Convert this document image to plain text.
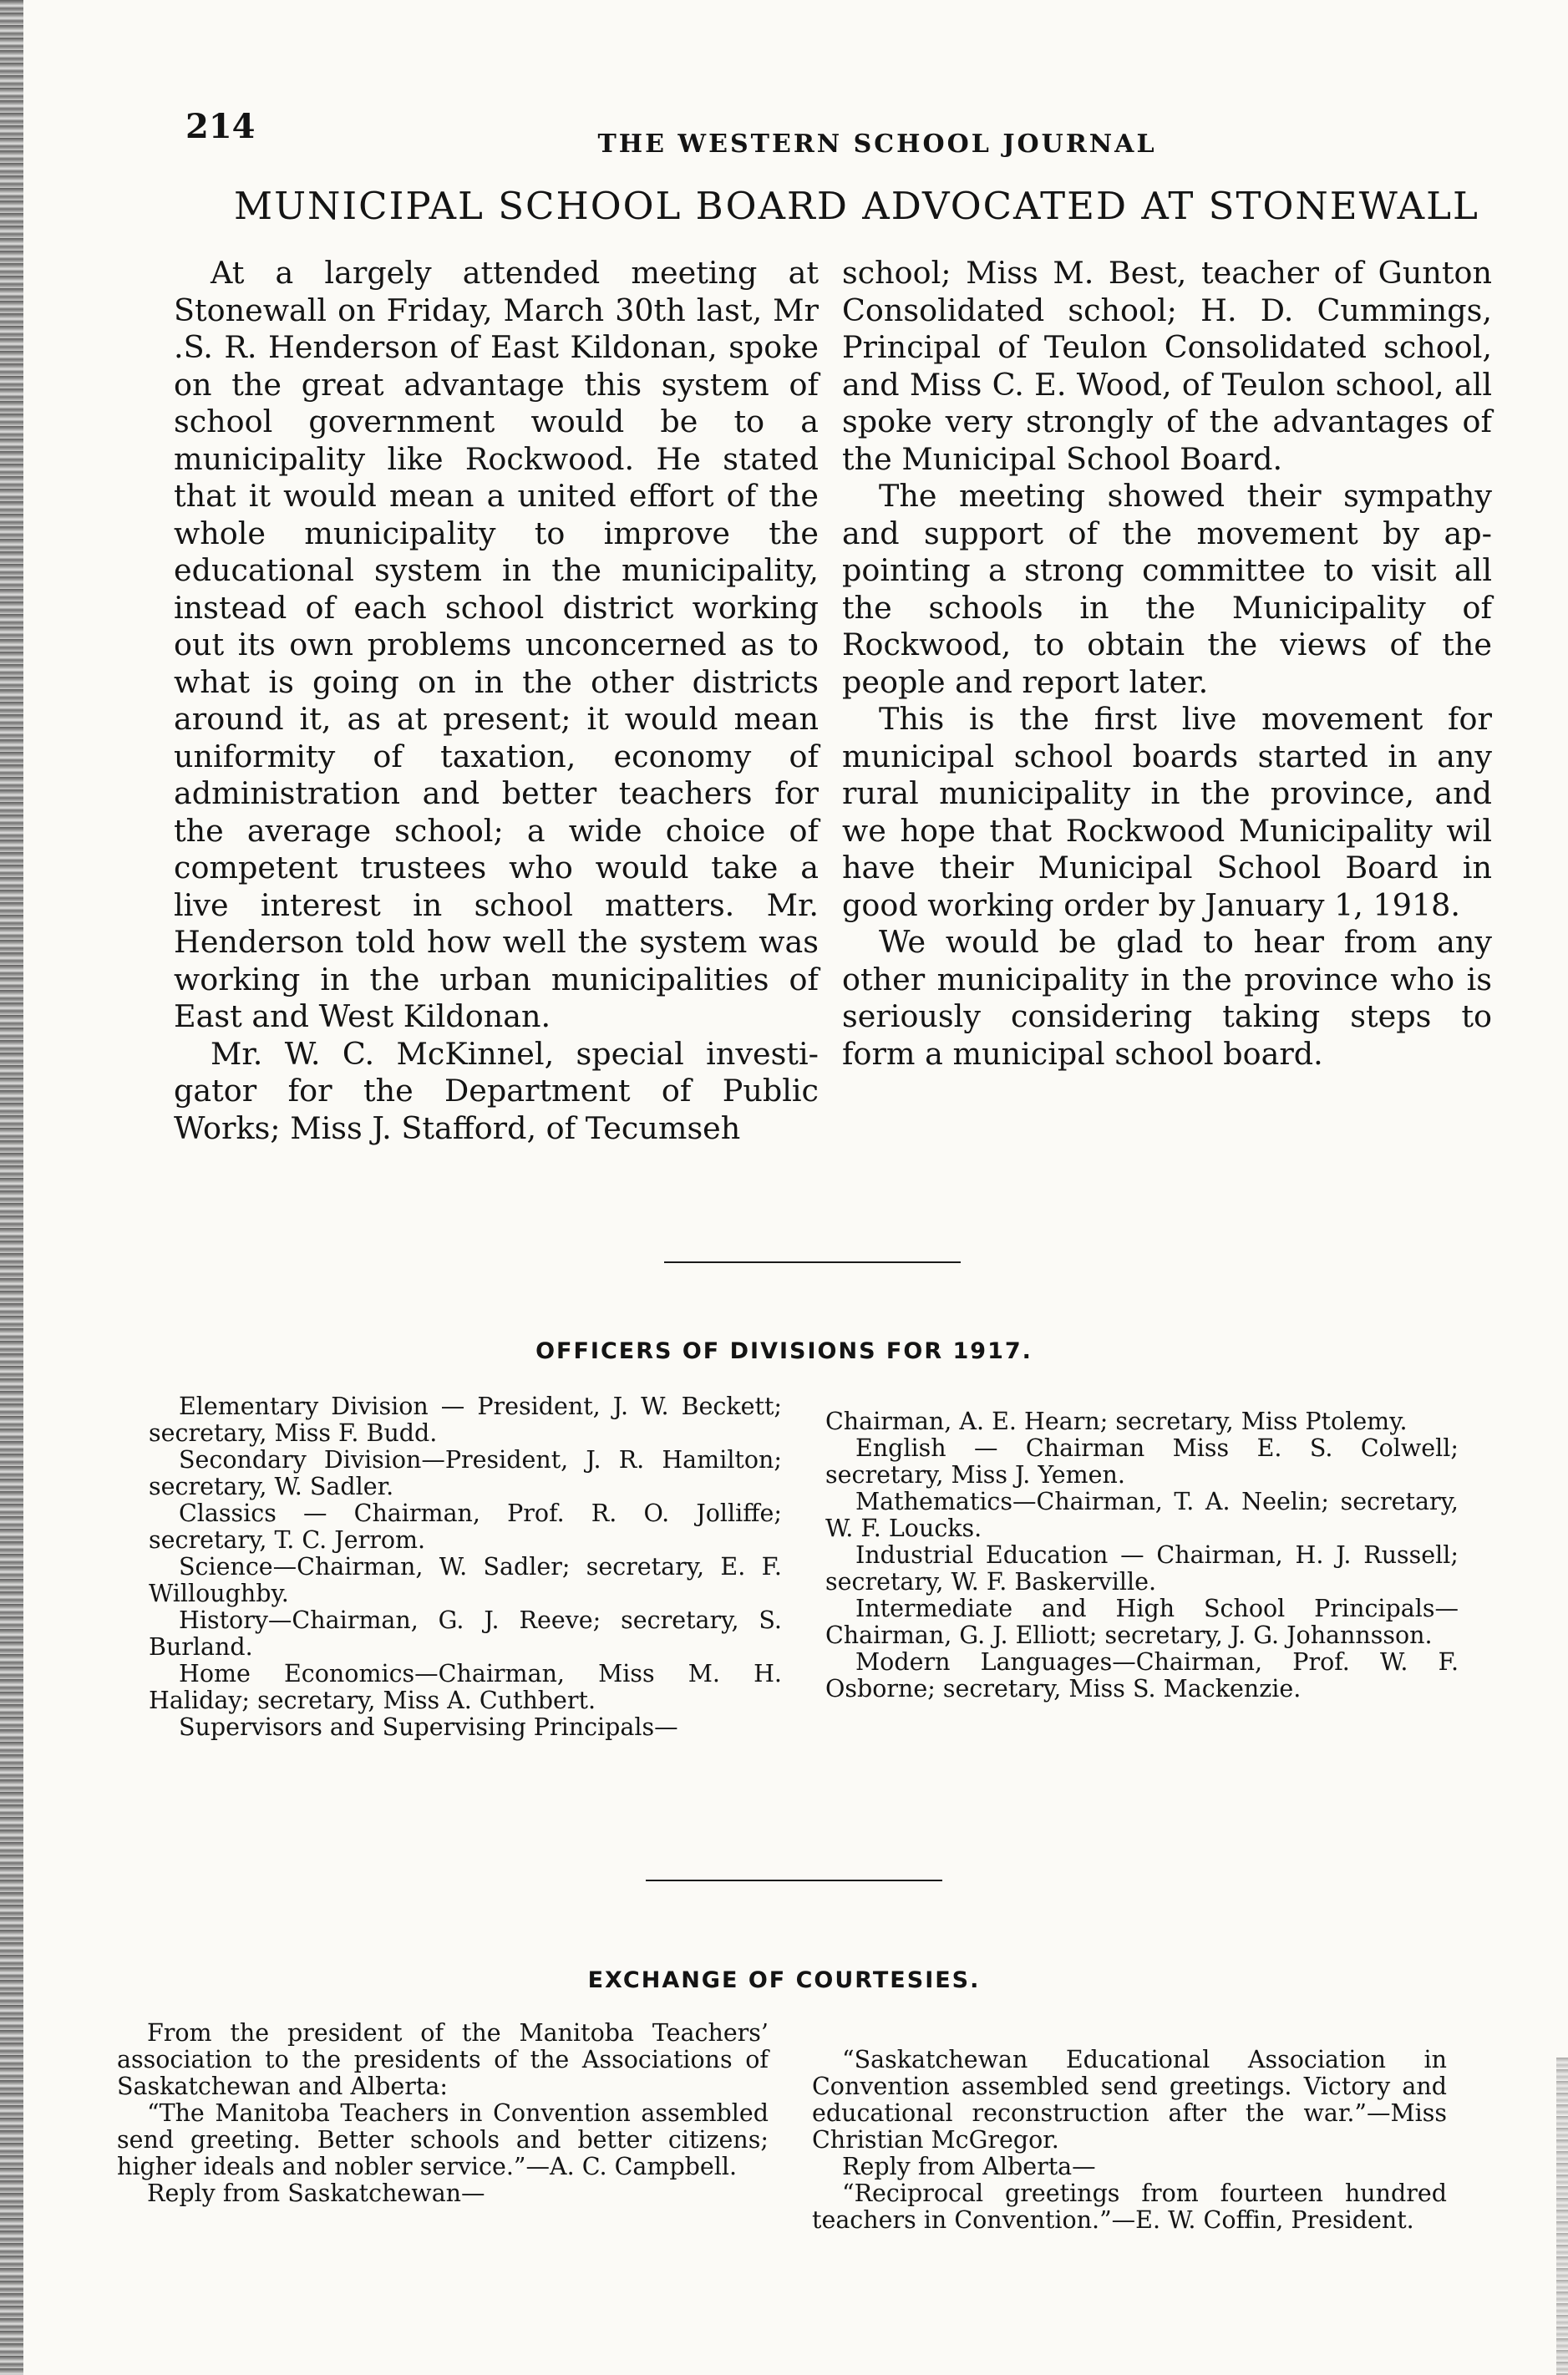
214	THE WESTERN SCHOOL JOURNAL
MUNICIPAL SCHOOL BOARD ADVOCATED AT STONEWALL

At a largely attended meeting at Stonewall on Friday, March 30th last, Mr .S. R. Henderson of East Kildonan, spoke on the great advantage this system of school government would be to a municipality like Rockwood. He stated that it would mean a united effort of the whole municipality to improve the educational system in the municipality, instead of each school district working out its own problems unconcerned as to what is going on in the other districts around it, as at present; it would mean uniformity of taxation, economy of administration and better teachers for the average school; a wide choice of competent trustees who would take a live interest in school matters. Mr. Henderson told how well the system was working in the urban municipalities of East and West Kildonan.

Mr. W. C. McKinnel, special investigator for the Department of Public Works; Miss J. Stafford, of Tecumseh

school; Miss M. Best, teacher of Gunton Consolidated school; H. D. Cummings, Principal of Teulon Consolidated school, and Miss C. E. Wood, of Teulon school, all spoke very strongly of the advantages of the Municipal School Board.

The meeting showed their sympathy and support of the movement by appointing a strong committee to visit all the schools in the Municipality of Rockwood, to obtain the views of the people and report later.

This is the first live movement for municipal school boards started in any rural municipality in the province, and we hope that Rockwood Municipality wil have their Municipal School Board in good working order by January 1, 1918.

We would be glad to hear from any other municipality in the province who is seriously considering taking steps to form a municipal school board.

OFFICERS OF DIVISIONS FOR 1917.

Elementary Division — President, J. W. Beckett; secretary, Miss F. Budd.

Secondary Division—President, J. R. Hamilton; secretary, W. Sadler.

Classics — Chairman, Prof. R. O. Jolliffe; secretary, T. C. Jerrom.

Science—Chairman, W. Sadler; secretary, E. F. Willoughby.

History—Chairman, G. J. Reeve; secretary, S. Burland.

Home Economics—Chairman, Miss M. H. Haliday; secretary, Miss A. Cuthbert.

Supervisors and Supervising Principals—

Chairman, A. E. Hearn; secretary, Miss Ptolemy.

English — Chairman Miss E. S. Colwell; secretary, Miss J. Yemen.

Mathematics—Chairman, T. A. Neelin; secretary, W. F. Loucks.

Industrial Education — Chairman, H. J. Russell; secretary, W. F. Baskerville.

Intermediate and High School Principals—Chairman, G. J. Elliott; secretary, J. G. Johannsson.

Modern Languages—Chairman, Prof. W. F. Osborne; secretary, Miss S. Mackenzie.

EXCHANGE OF COURTESIES.

From the president of the Manitoba Teachers’ association to the presidents of the Associations of Saskatchewan and Alberta:

“The Manitoba Teachers in Convention assembled send greeting. Better schools and better citizens; higher ideals and nobler service.”—A. C. Campbell.

Reply from Saskatchewan—

“Saskatchewan Educational Association in Convention assembled send greetings. Victory and educational reconstruction after the war.”—Miss Christian McGregor.

Reply from Alberta—

“Reciprocal greetings from fourteen hundred teachers in Convention.”—E. W. Coffin, President.
